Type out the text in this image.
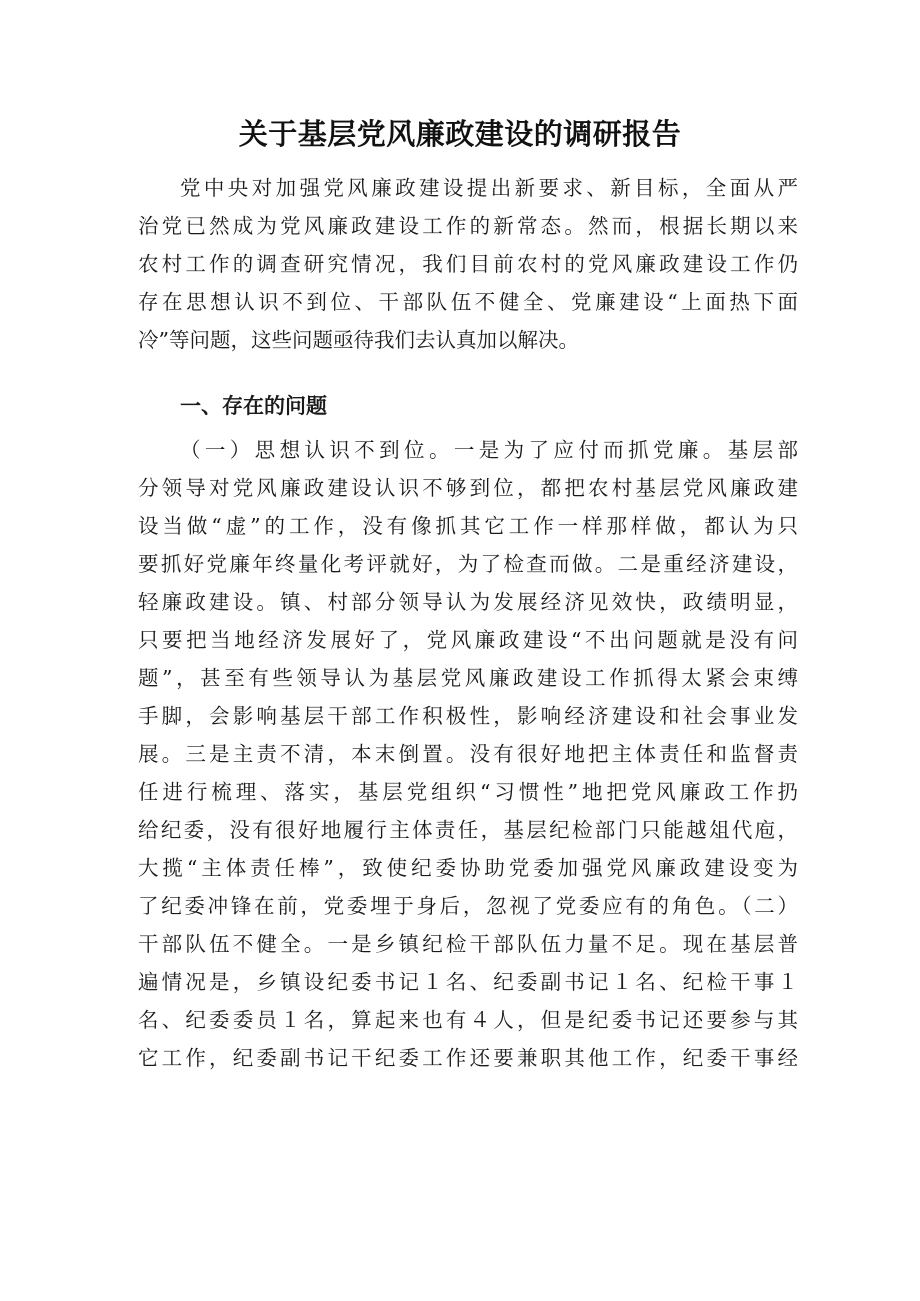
关于基层党风廉政建设的调研报告

党中央对加强党风廉政建设提出新要求、新目标，全面从严

治党已然成为党风廉政建设工作的新常态。然而，根据长期以来

农村工作的调查研究情况，我们目前农村的党风廉政建设工作仍

存在思想认识不到位、干部队伍不健全、党廉建设“上面热下面

冷”等问题，这些问题亟待我们去认真加以解决。

一、存在的问题

（一）思想认识不到位。一是为了应付而抓党廉。基层部

分领导对党风廉政建设认识不够到位，都把农村基层党风廉政建

设当做“虚”的工作，没有像抓其它工作一样那样做，都认为只

要抓好党廉年终量化考评就好，为了检查而做。二是重经济建设，

轻廉政建设。镇、村部分领导认为发展经济见效快，政绩明显，

只要把当地经济发展好了，党风廉政建设“不出问题就是没有问

题”，甚至有些领导认为基层党风廉政建设工作抓得太紧会束缚

手脚，会影响基层干部工作积极性，影响经济建设和社会事业发

展。三是主责不清，本末倒置。没有很好地把主体责任和监督责

任进行梳理、落实，基层党组织“习惯性”地把党风廉政工作扔

给纪委，没有很好地履行主体责任，基层纪检部门只能越俎代庖，

大揽“主体责任棒”，致使纪委协助党委加强党风廉政建设变为

了纪委冲锋在前，党委埋于身后，忽视了党委应有的角色。（二）

干部队伍不健全。一是乡镇纪检干部队伍力量不足。现在基层普

遍情况是，乡镇设纪委书记１名、纪委副书记１名、纪检干事１

名、纪委委员１名，算起来也有４人，但是纪委书记还要参与其

它工作，纪委副书记干纪委工作还要兼职其他工作，纪委干事经
